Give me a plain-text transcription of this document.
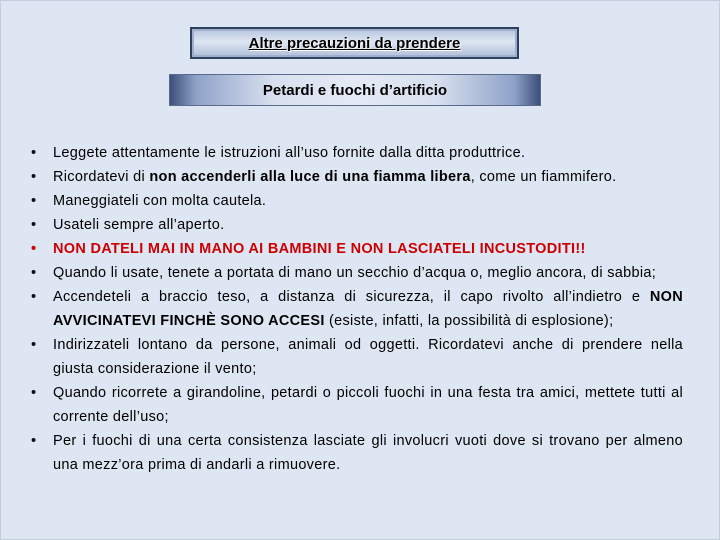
Altre precauzioni da prendere
Petardi e fuochi d’artificio
•	Leggete attentamente le istruzioni all’uso fornite dalla ditta produttrice.
•	Ricordatevi di non accenderli alla luce di una fiamma libera, come un fiammifero.
•	Maneggiateli con molta cautela.
•	Usateli sempre all’aperto.
•	NON DATELI MAI IN MANO AI BAMBINI E NON LASCIATELI INCUSTODITI!!
•	Quando li usate, tenete a portata di mano un secchio d’acqua o, meglio ancora, di sabbia;
•	Accendeteli a braccio teso, a distanza di sicurezza, il capo rivolto all’indietro e NON AVVICINATEVI FINCHÈ SONO ACCESI (esiste, infatti, la possibilità di esplosione);
•	Indirizzateli lontano da persone, animali od oggetti. Ricordatevi anche di prendere nella giusta considerazione il vento;
•	Quando ricorrete a girandoline, petardi o piccoli fuochi in una festa tra amici, mettete tutti al corrente dell’uso;
•	Per i fuochi di una certa consistenza lasciate gli involucri vuoti dove si trovano per almeno una mezz’ora prima di andarli a rimuovere.
